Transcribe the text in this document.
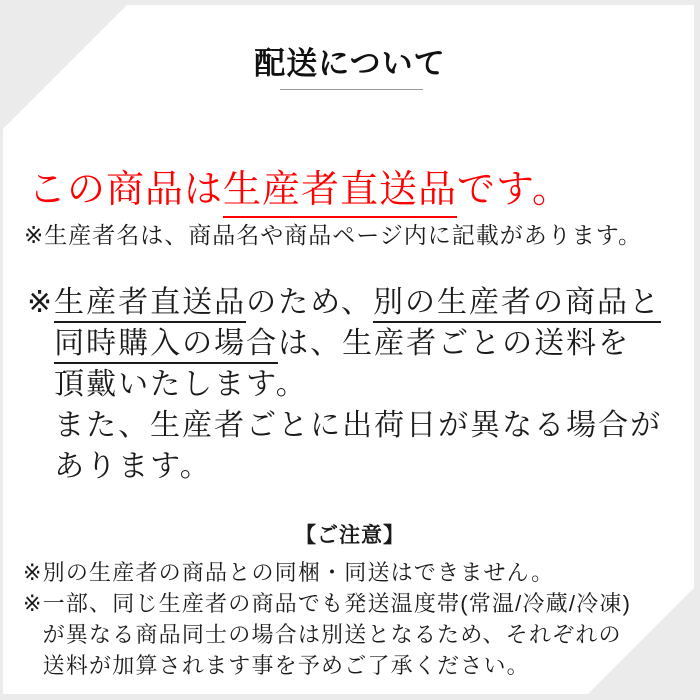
配送について
この商品は生産者直送品です。

※生産者名は、商品名や商品ページ内に記載があります。

※ 生産者直送品のため、別の生産者の商品と
同時購入の場合は、生産者ごとの送料を
頂戴いたします。
また、生産者ごとに出荷日が異なる場合が
あります。
【ご注意】
※ 別の生産者の商品との同梱・同送はできません。
※ 一部、同じ生産者の商品でも発送温度帯(常温/冷蔵/冷凍)
が異なる商品同士の場合は別送となるため、それぞれの
送料が加算されます事を予めご了承ください。
